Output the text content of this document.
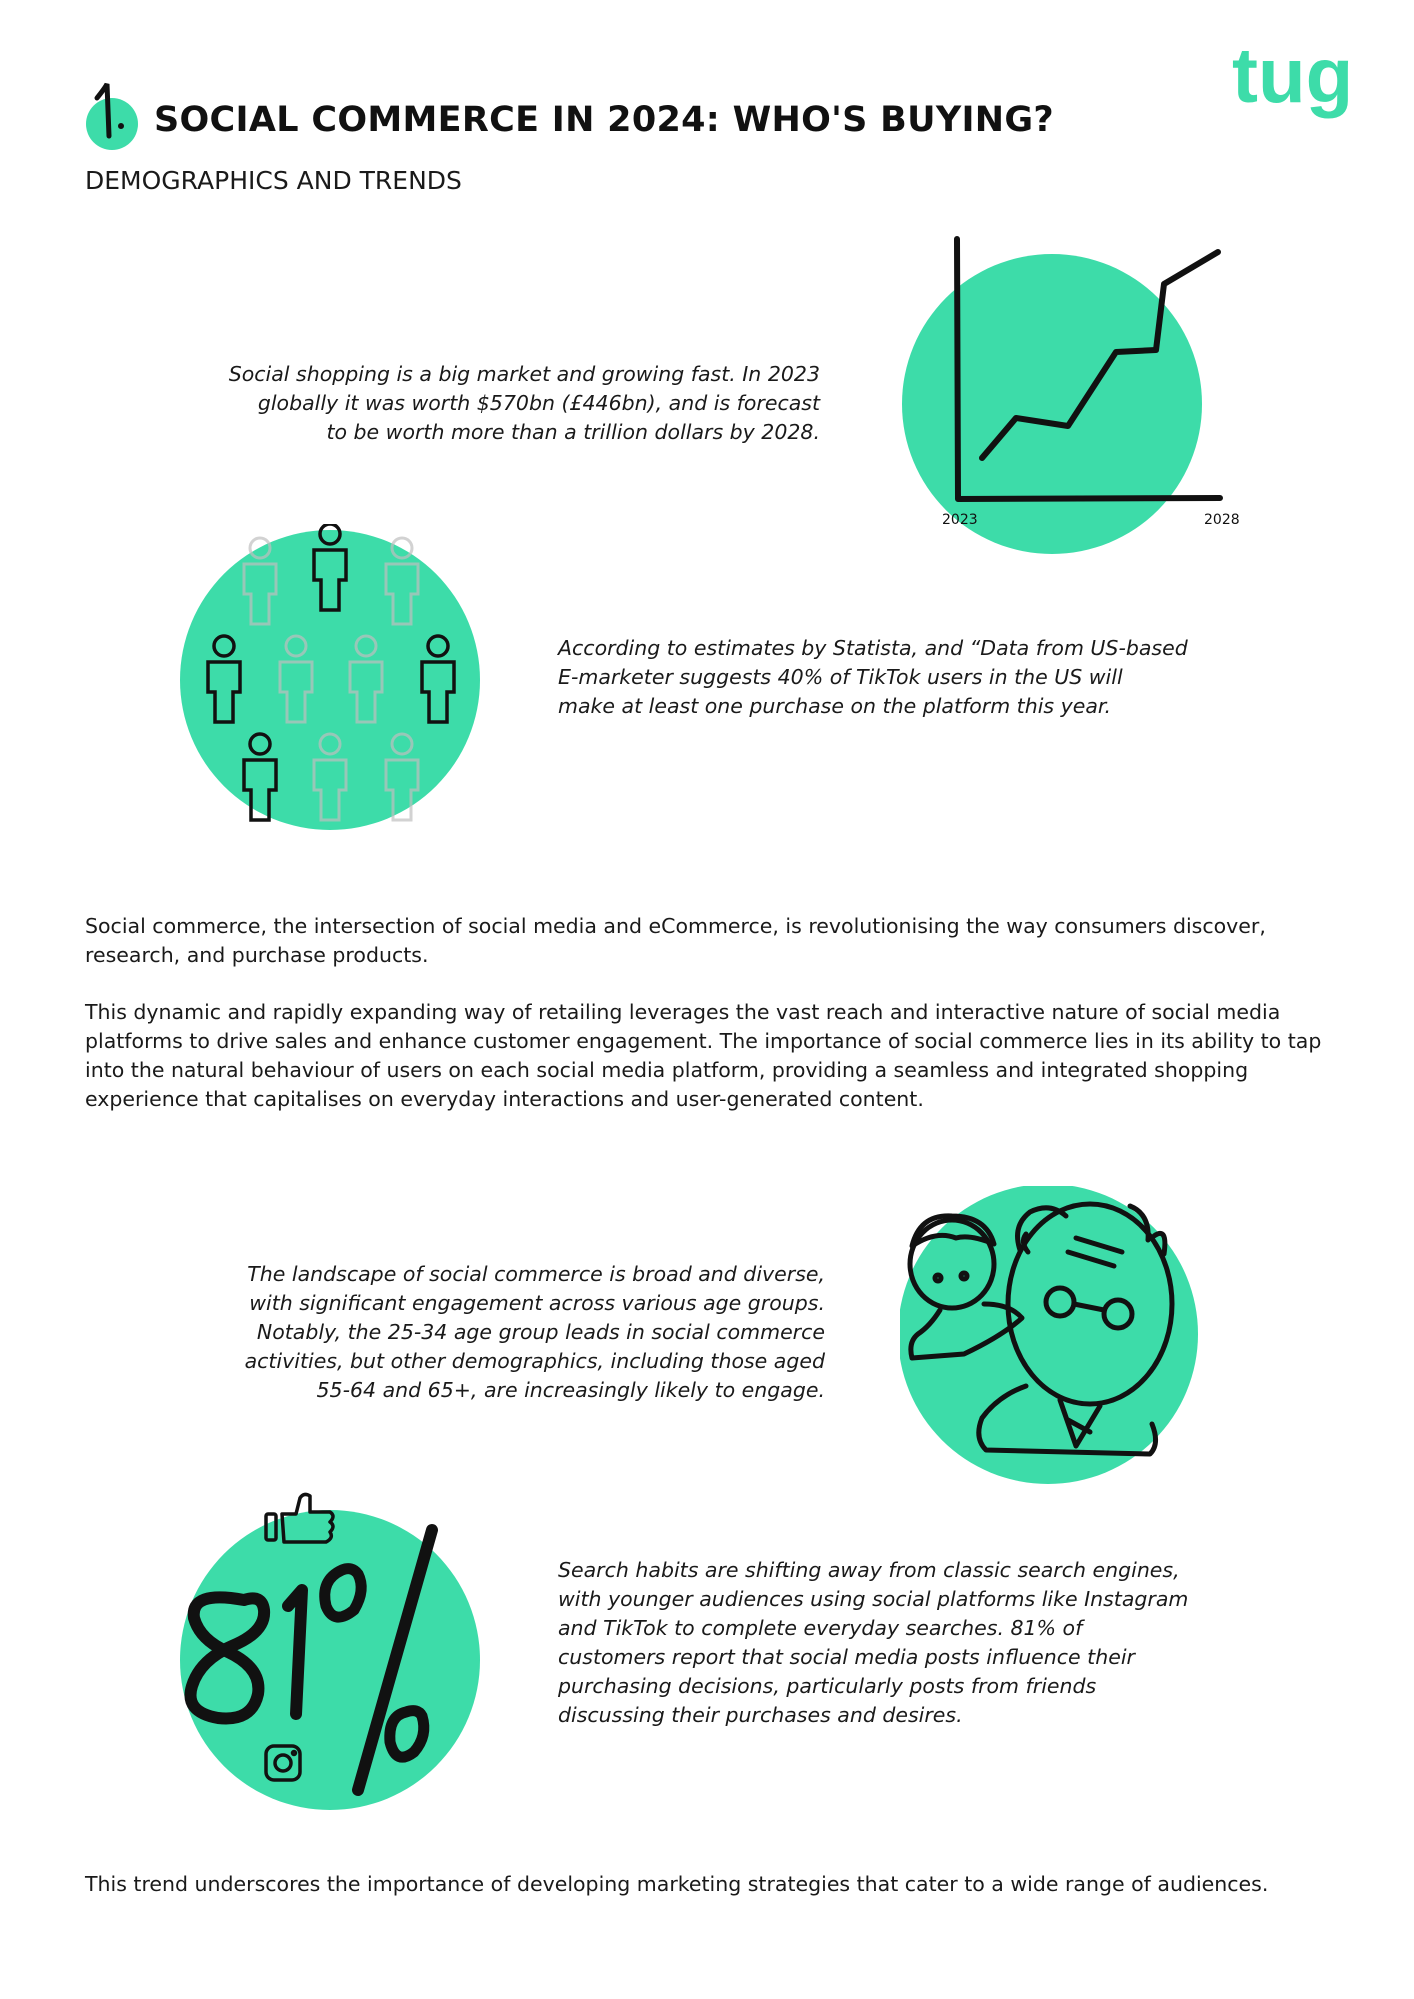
tug
1.
SOCIAL COMMERCE IN 2024: WHO'S BUYING?
DEMOGRAPHICS AND TRENDS
Social shopping is a big market and growing fast. In 2023
globally it was worth $570bn (£446bn), and is forecast
to be worth more than a trillion dollars by 2028.
2023	2028
According to estimates by Statista, and “Data from US-based
E-marketer suggests 40% of TikTok users in the US will
make at least one purchase on the platform this year.
Social commerce, the intersection of social media and eCommerce, is revolutionising the way consumers discover,
research, and purchase products.
This dynamic and rapidly expanding way of retailing leverages the vast reach and interactive nature of social media
platforms to drive sales and enhance customer engagement. The importance of social commerce lies in its ability to tap
into the natural behaviour of users on each social media platform, providing a seamless and integrated shopping
experience that capitalises on everyday interactions and user-generated content.
The landscape of social commerce is broad and diverse,
with significant engagement across various age groups.
Notably, the 25-34 age group leads in social commerce
activities, but other demographics, including those aged
55-64 and 65+, are increasingly likely to engage.
81%
Search habits are shifting away from classic search engines,
with younger audiences using social platforms like Instagram
and TikTok to complete everyday searches. 81% of
customers report that social media posts influence their
purchasing decisions, particularly posts from friends
discussing their purchases and desires.
This trend underscores the importance of developing marketing strategies that cater to a wide range of audiences.
